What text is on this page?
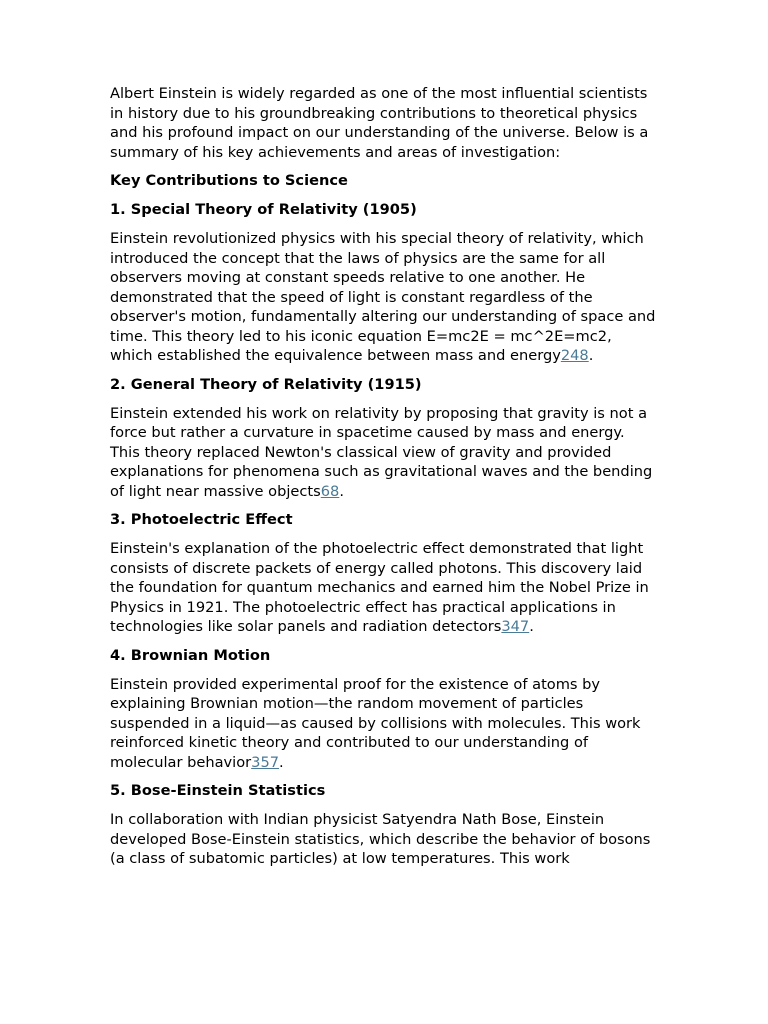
Albert Einstein is widely regarded as one of the most influential scientists in history due to his groundbreaking contributions to theoretical physics and his profound impact on our understanding of the universe. Below is a summary of his key achievements and areas of investigation:

Key Contributions to Science

1. Special Theory of Relativity (1905)

Einstein revolutionized physics with his special theory of relativity, which introduced the concept that the laws of physics are the same for all observers moving at constant speeds relative to one another. He demonstrated that the speed of light is constant regardless of the observer's motion, fundamentally altering our understanding of space and time. This theory led to his iconic equation E=mc2E = mc^2E=mc2, which established the equivalence between mass and energy248.

2. General Theory of Relativity (1915)

Einstein extended his work on relativity by proposing that gravity is not a force but rather a curvature in spacetime caused by mass and energy. This theory replaced Newton's classical view of gravity and provided explanations for phenomena such as gravitational waves and the bending of light near massive objects68.

3. Photoelectric Effect

Einstein's explanation of the photoelectric effect demonstrated that light consists of discrete packets of energy called photons. This discovery laid the foundation for quantum mechanics and earned him the Nobel Prize in Physics in 1921. The photoelectric effect has practical applications in technologies like solar panels and radiation detectors347.

4. Brownian Motion

Einstein provided experimental proof for the existence of atoms by explaining Brownian motion—the random movement of particles suspended in a liquid—as caused by collisions with molecules. This work reinforced kinetic theory and contributed to our understanding of molecular behavior357.

5. Bose-Einstein Statistics

In collaboration with Indian physicist Satyendra Nath Bose, Einstein developed Bose-Einstein statistics, which describe the behavior of bosons (a class of subatomic particles) at low temperatures. This work
